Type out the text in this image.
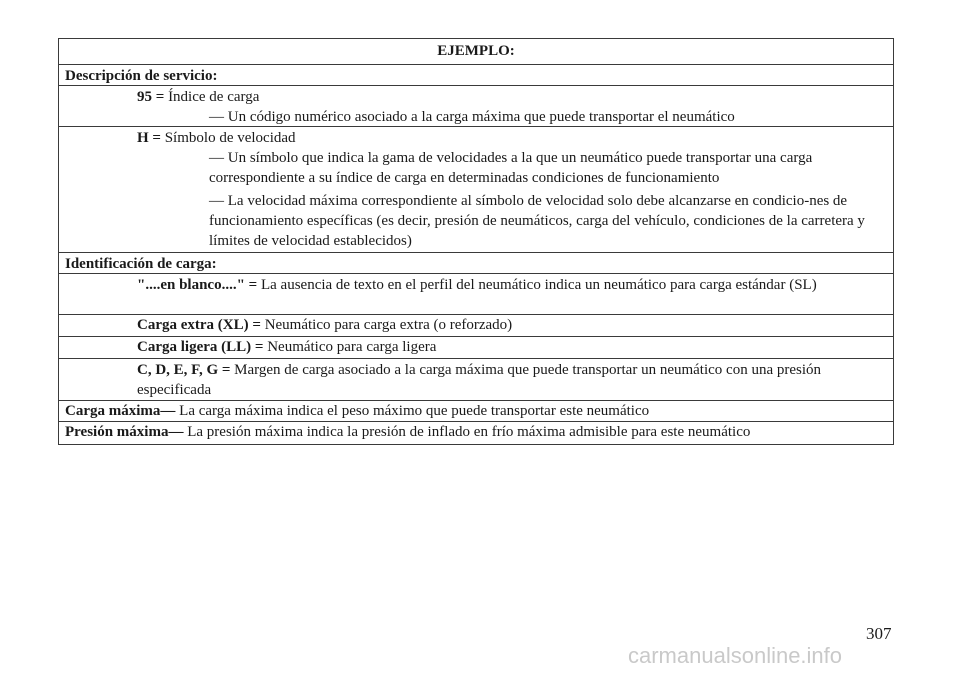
EJEMPLO:
Descripción de servicio:
95 = Índice de carga
— Un código numérico asociado a la carga máxima que puede transportar el neumático
H = Símbolo de velocidad
— Un símbolo que indica la gama de velocidades a la que un neumático puede transportar una carga correspondiente a su índice de carga en determinadas condiciones de funcionamiento
— La velocidad máxima correspondiente al símbolo de velocidad solo debe alcanzarse en condicio-nes de funcionamiento específicas (es decir, presión de neumáticos, carga del vehículo, condiciones de la carretera y límites de velocidad establecidos)
Identificación de carga:
"....en blanco...." = La ausencia de texto en el perfil del neumático indica un neumático para carga estándar (SL)
Carga extra (XL) = Neumático para carga extra (o reforzado)
Carga ligera (LL) = Neumático para carga ligera
C, D, E, F, G = Margen de carga asociado a la carga máxima que puede transportar un neumático con una presión especificada
Carga máxima— La carga máxima indica el peso máximo que puede transportar este neumático
Presión máxima— La presión máxima indica la presión de inflado en frío máxima admisible para este neumático
307
carmanualsonline.info
